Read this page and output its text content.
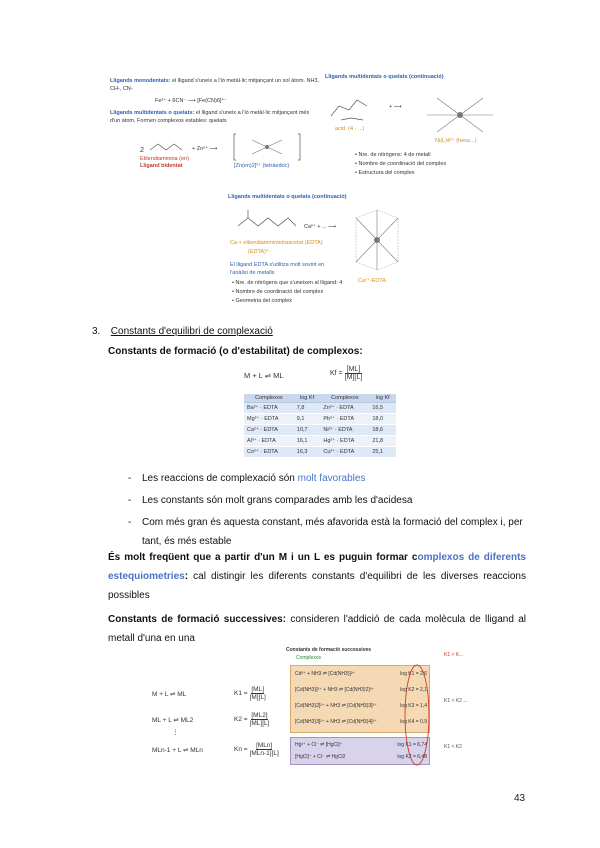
Lligands monodentats: el lligand s'uneix a l'ió metàl·lic mitjançant un sol àtom. NH3, CH-, CN-
Fe²⁺ + 6CN⁻ ⟶ [Fe(CN)6]⁴⁻
Lligands multidentats o quelats: el lligand s'uneix a l'ió metàl·lic mitjançant més d'un àtom. Formen complexos estables: quelats
2	+ Zn²⁺ ⟶
Etilendiammina (en)
Lligand bidentat	[Zn(en)2]²⁺ (tetràedric)
Lligands multidentats o quelats (continuació)
+ ⟶
acid. (4 - ...)
Ni(L)4²⁺ (hexa...)
• Nre. de nitrògens: 4 de metall
• Nombre de coordinació del complex
• Estructura del complex
Lligands multidentats o quelats (continuació)
Ca²⁺ + ... ⟶
Ca + etilendiammintetraacetat (EDTA)
(EDTA)⁴⁻
El lligand EDTA s'utilitza molt sovint en l'anàlisi de metalls
• Nre. de nitrògens que s'uneixen al lligand: 4
• Nombre de coordinació del complex
• Geometria del complex
Ca²⁺-EDTA
3. Constants d'equilibri de complexació
Constants de formació (o d'estabilitat) de complexos:
M + L ⇌ ML	$Kf = \frac{[ML]}{[M][L]}$
Complexos	log Kf	Complexos	log Kf
Ba²⁺ · EDTA	7,8	Zn²⁺ · EDTA	16,5
Mg²⁺ · EDTA	9,1	Pb²⁺ · EDTA	18,0
Ca²⁺ · EDTA	10,7	Ni²⁺ · EDTA	18,6
Al³⁺ · EDTA	16,1	Hg²⁺ · EDTA	21,8
Co²⁺ · EDTA	16,3	Cu²⁺ · EDTA	25,1
-	Les reaccions de complexació són molt favorables
-	Les constants són molt grans comparades amb les d'acidesa
-	Com més gran és aquesta constant, més afavorida està la formació del complex i, per
tant, és més estable
És molt freqüent que a partir d'un M i un L es puguin formar complexos de diferents estequiometries: cal distingir les diferents constants d'equilibri de les diverses reaccions possibles
Constants de formació successives: consideren l'addició de cada molècula de lligand al metall d'una en una
M + L ⇌ ML	$K1 = \frac{[ML]}{[M][L]}$
ML + L ⇌ ML2	$K2 = \frac{[ML2]}{[ML][L]}$
⋮
MLn-1 + L ⇌ MLn	Kn =
[MLn]
[MLn-1][L]
Constants de formació successives
Complexos
Cd²⁺ + NH3 ⇌ [Cd(NH3)]²⁺	log K1 = 2,6
[Cd(NH3)]²⁺ + NH3 ⇌ [Cd(NH3)2]²⁺	log K2 = 2,1
[Cd(NH3)2]²⁺ + NH3 ⇌ [Cd(NH3)3]²⁺	log K3 = 1,4
[Cd(NH3)3]²⁺ + NH3 ⇌ [Cd(NH3)4]²⁺	log K4 = 0,9
Hg²⁺ + Cl⁻ ⇌ [HgCl]⁺	log K1 = 6,74
[HgCl]⁺ + Cl⁻ ⇌ HgCl2	log K2 = 6,48
K1 > K...
K1 > K2 ...
K1 < K2
43
